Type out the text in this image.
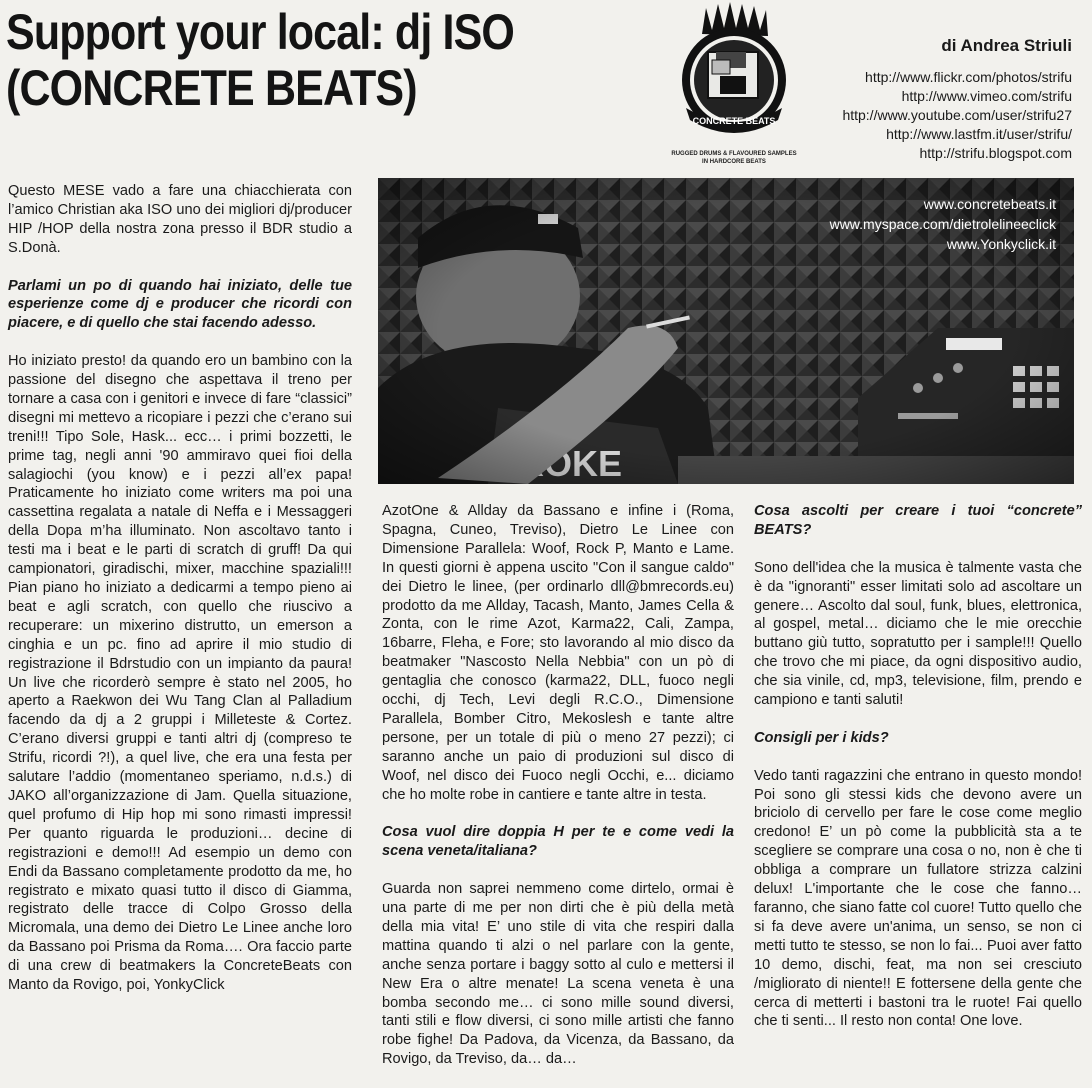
Support your local: dj ISO
(CONCRETE BEATS)
CONCRETE BEATS
RUGGED DRUMS & FLAVOURED SAMPLES
IN HARDCORE BEATS
di Andrea Striuli
http://www.flickr.com/photos/strifu
http://www.vimeo.com/strifu
http://www.youtube.com/user/strifu27
http://www.lastfm.it/user/strifu/
http://strifu.blogspot.com
www.concretebeats.it
www.myspace.com/dietrolelineeclick
www.Yonkyclick.it

Questo MESE vado a fare una chiacchierata con l’amico Christian aka ISO uno dei migliori dj/producer HIP /HOP della nostra zona presso il BDR studio a S.Donà.

Parlami un po di quando hai iniziato, delle tue esperienze come dj e producer che ricordi con piacere, e di quello che stai facendo adesso.

Ho iniziato presto! da quando ero un bambino con la passione del disegno che aspettava il treno per tornare a casa con i genitori e invece di fare “classici” disegni mi mettevo a ricopiare i pezzi che c’erano sui treni!!! Tipo Sole, Hask... ecc… i primi bozzetti, le prime tag, negli anni '90 ammiravo quei fioi della salagiochi (you know) e i pezzi all’ex papa! Praticamente ho iniziato come writers ma poi una cassettina regalata a natale di Neffa e i Messaggeri della Dopa m’ha illuminato. Non ascoltavo tanto i testi ma i beat e le parti di scratch di gruff! Da qui campionatori, giradischi, mixer, macchine spaziali!!! Pian piano ho iniziato a dedicarmi a tempo pieno ai beat e agli scratch, con quello che riuscivo a recuperare: un mixerino distrutto, un emerson a cinghia e un pc. fino ad aprire il mio studio di registrazione il Bdrstudio con un impianto da paura! Un live che ricorderò sempre è stato nel 2005, ho aperto a Raekwon dei Wu Tang Clan al Palladium facendo da dj a 2 gruppi i Milleteste & Cortez. C’erano diversi gruppi e tanti altri dj (compreso te Strifu, ricordi ?!), a quel live, che era una festa per salutare l’addio (momentaneo speriamo, n.d.s.) di JAKO all’organizzazione di Jam. Quella situazione, quel profumo di Hip hop mi sono rimasti impressi! Per quanto riguarda le produzioni… decine di registrazioni e demo!!! Ad esempio un demo con Endi da Bassano completamente prodotto da me, ho registrato e mixato quasi tutto il disco di Giamma, registrato delle tracce di Colpo Grosso della Micromala, una demo dei Dietro Le Linee anche loro da Bassano poi Prisma da Roma…. Ora faccio parte di una crew di beatmakers la ConcreteBeats con Manto da Rovigo, poi, YonkyClick

AzotOne & Allday da Bassano e infine i (Roma, Spagna, Cuneo, Treviso), Dietro Le Linee con Dimensione Parallela: Woof, Rock P, Manto e Lame. In questi giorni è appena uscito "Con il sangue caldo" dei Dietro le linee, (per ordinarlo dll@bmrecords.eu) prodotto da me Allday, Tacash, Manto, James Cella & Zonta, con le rime Azot, Karma22, Cali, Zampa, 16barre, Fleha, e Fore; sto lavorando al mio disco da beatmaker "Nascosto Nella Nebbia" con un pò di gentaglia che conosco (karma22, DLL, fuoco negli occhi, dj Tech, Levi degli R.C.O., Dimensione Parallela, Bomber Citro, Mekoslesh e tante altre persone, per un totale di più o meno 27 pezzi); ci saranno anche un paio di produzioni sul disco di Woof, nel disco dei Fuoco negli Occhi, e... diciamo che ho molte robe in cantiere e tante altre in testa.

Cosa vuol dire doppia H per te e come vedi la scena veneta/italiana?

Guarda non saprei nemmeno come dirtelo, ormai è una parte di me per non dirti che è più della metà della mia vita! E’ uno stile di vita che respiri dalla mattina quando ti alzi o nel parlare con la gente, anche senza portare i baggy sotto al culo e mettersi il New Era o altre menate! La scena veneta è una bomba secondo me… ci sono mille sound diversi, tanti stili e flow diversi, ci sono mille artisti che fanno robe fighe! Da Padova, da Vicenza, da Bassano, da Rovigo, da Treviso, da… da…

Cosa ascolti per creare i tuoi “concrete” BEATS?

Sono dell'idea che la musica è talmente vasta che è da "ignoranti" esser limitati solo ad ascoltare un genere… Ascolto dal soul, funk, blues, elettronica, al gospel, metal… diciamo che le mie orecchie buttano giù tutto, sopratutto per i sample!!! Quello che trovo che mi piace, da ogni dispositivo audio, che sia vinile, cd, mp3, televisione, film, prendo e campiono e tanti saluti!

Consigli per i kids?

Vedo tanti ragazzini che entrano in questo mondo! Poi sono gli stessi kids che devono avere un briciolo di cervello per fare le cose come meglio credono! E’ un pò come la pubblicità sta a te scegliere se comprare una cosa o no, non è che ti obbliga a comprare un fullatore strizza calzini delux! L'importante che le cose che fanno… faranno, che siano fatte col cuore! Tutto quello che si fa deve avere un'anima, un senso, se non ci metti tutto te stesso, se non lo fai... Puoi aver fatto 10 demo, dischi, feat, ma non sei cresciuto /migliorato di niente!! E fottersene della gente che cerca di metterti i bastoni tra le ruote! Fai quello che ti senti... Il resto non conta! One love.
